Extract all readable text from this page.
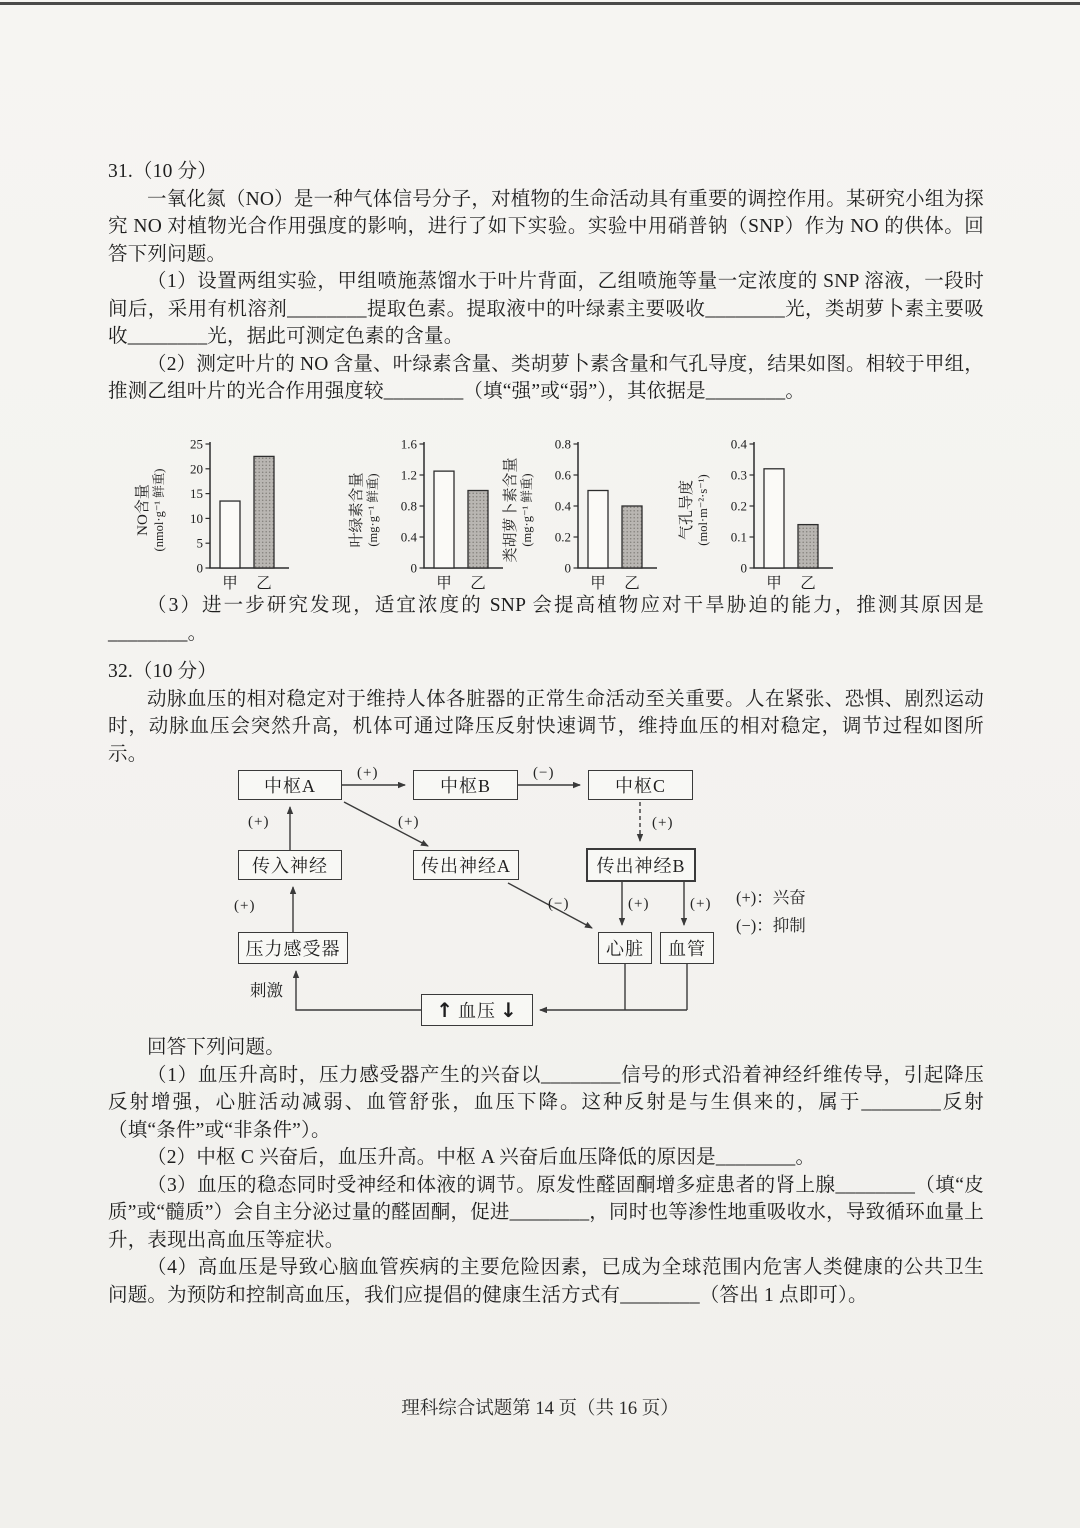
31.（10 分）

一氧化氮（NO）是一种气体信号分子，对植物的生命活动具有重要的调控作用。某研究小组为探究 NO 对植物光合作用强度的影响，进行了如下实验。实验中用硝普钠（SNP）作为 NO 的供体。回答下列问题。

（1）设置两组实验，甲组喷施蒸馏水于叶片背面，乙组喷施等量一定浓度的 SNP 溶液，一段时间后，采用有机溶剂________提取色素。提取液中的叶绿素主要吸收________光，类胡萝卜素主要吸收________光，据此可测定色素的含量。

（2）测定叶片的 NO 含量、叶绿素含量、类胡萝卜素含量和气孔导度，结果如图。相较于甲组，推测乙组叶片的光合作用强度较________（填“强”或“弱”），其依据是________。

NO含量 (nmol·g⁻¹ 鲜重)
0
5
10
15
20
25
甲 乙
叶绿素含量 (mg·g⁻¹ 鲜重)
0
0.4
0.8
1.2
1.6
甲 乙
类胡萝卜素含量 (mg·g⁻¹ 鲜重)
0
0.2
0.4
0.6
0.8
甲 乙
气孔导度 (mol·m⁻²·s⁻¹)
0
0.1
0.2
0.3
0.4
甲 乙

（3）进一步研究发现，适宜浓度的 SNP 会提高植物应对干旱胁迫的能力，推测其原因是________。

32.（10 分）

动脉血压的相对稳定对于维持人体各脏器的正常生命活动至关重要。人在紧张、恐惧、剧烈运动时，动脉血压会突然升高，机体可通过降压反射快速调节，维持血压的相对稳定，调节过程如图所示。

中枢A	中枢B	中枢C
传入神经	传出神经A	传出神经B
压力感受器	心脏	血管
↑ 血压 ↓
(+)	(−)
(+)	(+)	(+)
(+)	(−)	(+)	(+)
刺激
(+)：兴奋
(−)：抑制

回答下列问题。

（1）血压升高时，压力感受器产生的兴奋以________信号的形式沿着神经纤维传导，引起降压反射增强，心脏活动减弱、血管舒张，血压下降。这种反射是与生俱来的，属于________反射（填“条件”或“非条件”）。

（2）中枢 C 兴奋后，血压升高。中枢 A 兴奋后血压降低的原因是________。

（3）血压的稳态同时受神经和体液的调节。原发性醛固酮增多症患者的肾上腺________（填“皮质”或“髓质”）会自主分泌过量的醛固酮，促进________，同时也等渗性地重吸收水，导致循环血量上升，表现出高血压等症状。

（4）高血压是导致心脑血管疾病的主要危险因素，已成为全球范围内危害人类健康的公共卫生问题。为预防和控制高血压，我们应提倡的健康生活方式有________（答出 1 点即可）。

理科综合试题第 14 页（共 16 页）
